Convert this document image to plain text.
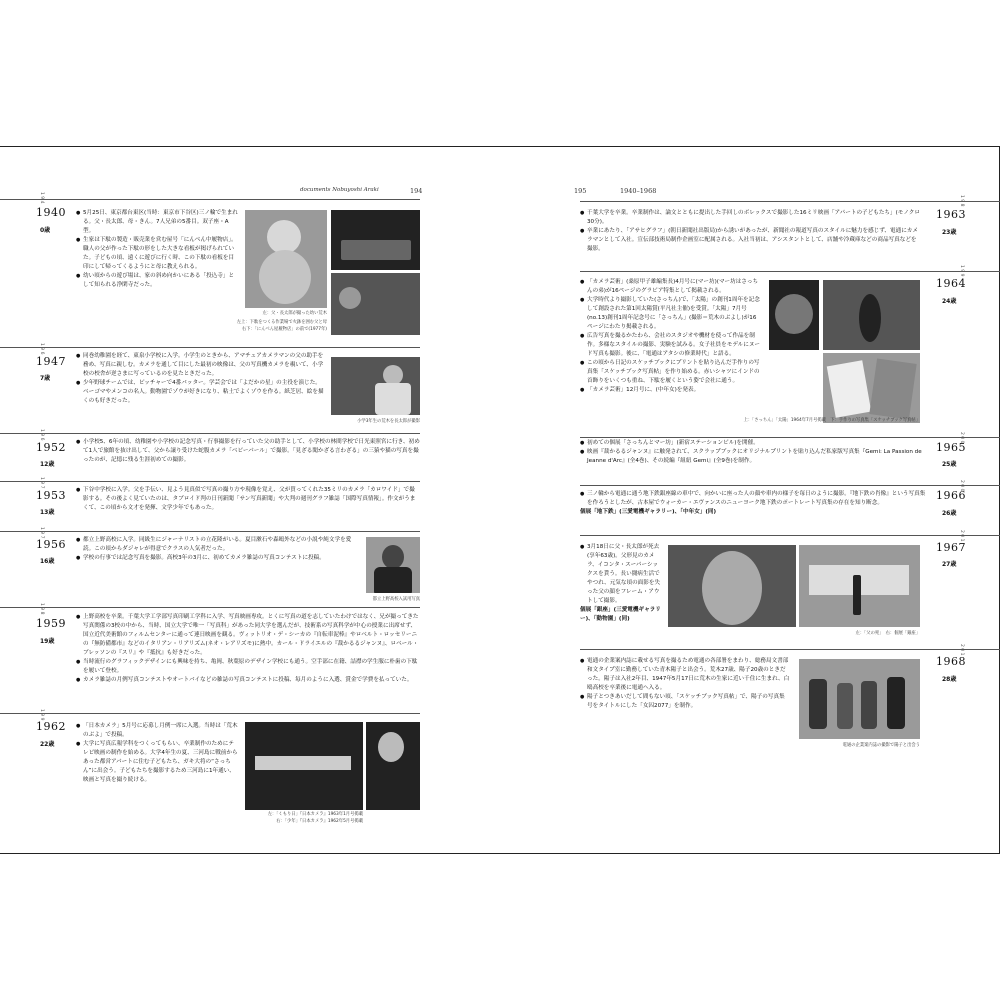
documents Nobuyoshi Araki	194
1 9 4
1940
0歳

● 5月25日、東京都台東区(当時：東京市下谷区)三ノ輪で生まれる。父・長太郎、母・きん。7人兄弟の5番目。双子座・A型。

● 生家は下駄の製造・販売業を営む屋号「にんべん中履物店」。職人の父が作った下駄の形をした大きな看板が掲げられていた。子どもの頃、遠くに遊びに行く時、この下駄の看板を目印にして帰ってくるようにと母に教えられる。

● 幼い頃からの遊び場は、家の斜め向かいにある「投込寺」として知られる浄閑寺だった。

左：父・長太郎が撮った幼い荒木
左上：下駄をつくる作業場で火鉢を囲む父と母
右下：「にんべん屋履物店」の前で(1977年)
1 9 6
1947
7歳

● 同巻幼稚園を経て、東泉小学校に入学。小学生のときから、アマチュアカメラマンの父の助手を務め、写真に親しむ。カメラを通して目にした最初の映像は、父の写真機カメラを覗いて、小学校の校舎が逆さまに写っているのを見たときだった。

● 少年野球チームでは、ピッチャーで4番バッター。学芸会では「よだかの星」の主役を演じた。ベーゴマやメンコの名人。動物園でゾウが好きになり、粘土でよくゾウを作る。紙芝居、絵を描くのも好きだった。

小学3年生の荒木を長太郎が撮影
1 9 6
1952
12歳

● 小学校5、6年の頃、幼稚園や小学校の記念写真・行事撮影を行っていた父の助手として、小学校の林間学校で日光東照宮に行き、初めて1人で旅館を抜け出して、父から譲り受けた蛇腹カメラ「ベビーパール」で撮影。「見ざる聞かざる言わざる」の三猿や猫の写真を撮ったのが、記憶に残る生涯初めての撮影。

1 9 7
1953
13歳

● 下谷中学校に入学。父を手伝い、見よう見真似で写真の撮り方や現像を覚え、父が買ってくれた35ミリのカメラ「カロワイド」で撮影する。その後よく見ていたのは、タブロイド判の日刊新聞「サン写真新聞」や大判の週刊グラフ雑誌「国際写真情報」。作文がうまくて、この頃から文才を発揮、文学少年でもあった。

1 9 7
1956
16歳

● 都立上野高校に入学。同級生にジャーナリストの立花隆がいる。夏目漱石や森鴎外などの小説や純文学を愛読。この頃からダジャレが得意でクラスの人気者だった。

● 学校の行事では記念写真を撮影。高校3年の3月に、初めてカメラ雑誌の写真コンテストに投稿。

都立上野高校入試用写真
1 9 8
1959
19歳

● 上野高校を卒業。千葉大学工学部写真印刷工学科に入学、写真映画専攻。とくに写真の道を志していたわけではなく、兄が撮ってきた写真関係の3校の中から、当時、国立大学で唯一「写真科」があった同大学を選んだが、技術系の写真科学が中心の授業に出席せず、国立近代美術館のフィルムセンターに通って連日映画を観る。ヴィットリオ・デ・シーカの『自転車泥棒』やロベルト・ロッセリーニの『無防備都市』などのイタリアン・リアリズム(ネオ・レアリズモ)に熱中。カール・ドライエルの『裁かるるジャンヌ』、ロベール・ブレッソンの『スリ』や『抵抗』も好きだった。

● 当時流行のグラフィックデザインにも興味を持ち、亀岡、秋葉原のデザイン学校にも通う。空手部に在籍、詰襟の学生服に朴歯の下駄を履いて登校。

● カメラ雑誌の月例写真コンテストやオートバイなどの雑誌の写真コンテストに投稿、毎月のように入選、賞金で学費を払っていた。

1 9 9
1962
22歳

● 「日本カメラ」5月号に応募し月例一席に入選。当時は「荒木のぶよ」で投稿。

● 大学に写真広報学科をつくってもらい、卒業制作のためにテレビ映画の制作を始める。大学4年生の夏、三河島に戦前からあった都営アパートに住む子どもたち、ガキ大将の“さっちん”に出会う。子どもたちを撮影するため三河島に1年通い、映画と写真を撮り続ける。

左：「くもり日」『日本カメラ』1963年1月号掲載
右：「少年」『日本カメラ』1962年5月号掲載
195	1940–1968

● 千葉大学を卒業。卒業制作は、論文とともに提出した手回しのボレックスで撮影した16ミリ映画「アパートの子どもたち」(モノクロ30分)。

● 卒業にあたり、「アサヒグラフ」(朝日新聞社出版局)から誘いがあったが、新聞社の報道写真のスタイルに魅力を感じず、電通にカメラマンとして入社。宣伝部技術局制作企画室に配属される。入社当初は、アシスタントとして、店舗や冷蔵庫などの商品写真などを撮影。

1 9 8
1963
23歳
1 9 9
1964
24歳

● 「カメラ芸術」(桑原甲子雄編集長)4月号に(マー坊)(マー坊はさっちんの弟)が16ページのグラビア特集として掲載される。

● 大学時代より撮影していた(さっちん)で、「太陽」の創刊1周年を記念して創設された第1回太陽賞(平凡社主催)を受賞。「太陽」7月号(no.13)創刊1周年記念号に「さっちん」(撮影＝荒木のぶよし)が16ページにわたり掲載される。

● 広告写真を撮るかたわら、会社のスタジオや機材を使って作品を制作。多様なスタイルの撮影、実験を試みる。女子社員をモデルにヌード写真も撮影。後に、「電通はアタシの修業時代」と語る。

● この頃から日記のスケッチブックにプリントを貼り込んだ手作りの写真集「スケッチブック写真帖」を作り始める。赤いシャツにインドの首飾りをいくつも重ね、下駄を履くという姿で会社に通う。

● 「カメラ芸術」12月号に、(中年女)を発表。

上：「さっちん」「太陽」1964年7月号掲載　下：手作りの写真集「スケッチブック写真帖」
2 0 0
1965
25歳

● 初めての個展「さっちんとマー坊」(新宿ステーションビル)を開催。

● 映画『裁かるるジャンヌ』に触発されて、スクラップブックにオリジナルプリントを貼り込んだ私家版写真集『Gemi: La Passion de Jeanne d'Arc』(全4巻)、その続編『組紐 Gemi』(全9巻)を制作。

2 0 0
1966
26歳

● 三ノ輪から電通に通う地下鉄銀座線の車中で、向かいに座った人の顔や車内の様子を毎日のように撮影。『地下鉄の肖像』という写真集を作ろうとしたが、古本屋でウォーカー・エヴァンスのニューヨーク地下鉄のポートレート写真集の存在を知り断念。

個展「地下鉄」(三愛電機ギャラリー)、「中年女」(同)

2 0 1
1967
27歳

● 3月18日に父・長太郎が死去(享年63歳)。父形見のカメラ、イコンタ・スーパーシックスを貰う。長い闘病生活でやつれ、元気な頃の面影を失った父の顔をフレーム・アウトして撮影。

個展「銀座」(三愛電機ギャラリー)、「動物園」(同)

左：「父の死」　右：個展「銀座」
2 0 1
1968
28歳

● 電通の企業案内誌に載せる写真を撮るため電通の各部署をまわり、総務局文書部和文タイプ室に勤務していた青木陽子と出会う。荒木27歳、陽子20歳のときだった。陽子は入社2年目、1947年5月17日に荒木の生家に近い千住に生まれ、白鴎高校を卒業後に電通へ入る。

● 陽子とつきあいだして間もない頃、「スケッチブック写真帖」で、陽子の写真集号をタイトルにした「女囚2077」を制作。

電通の企業案内誌の撮影で陽子と出会う
